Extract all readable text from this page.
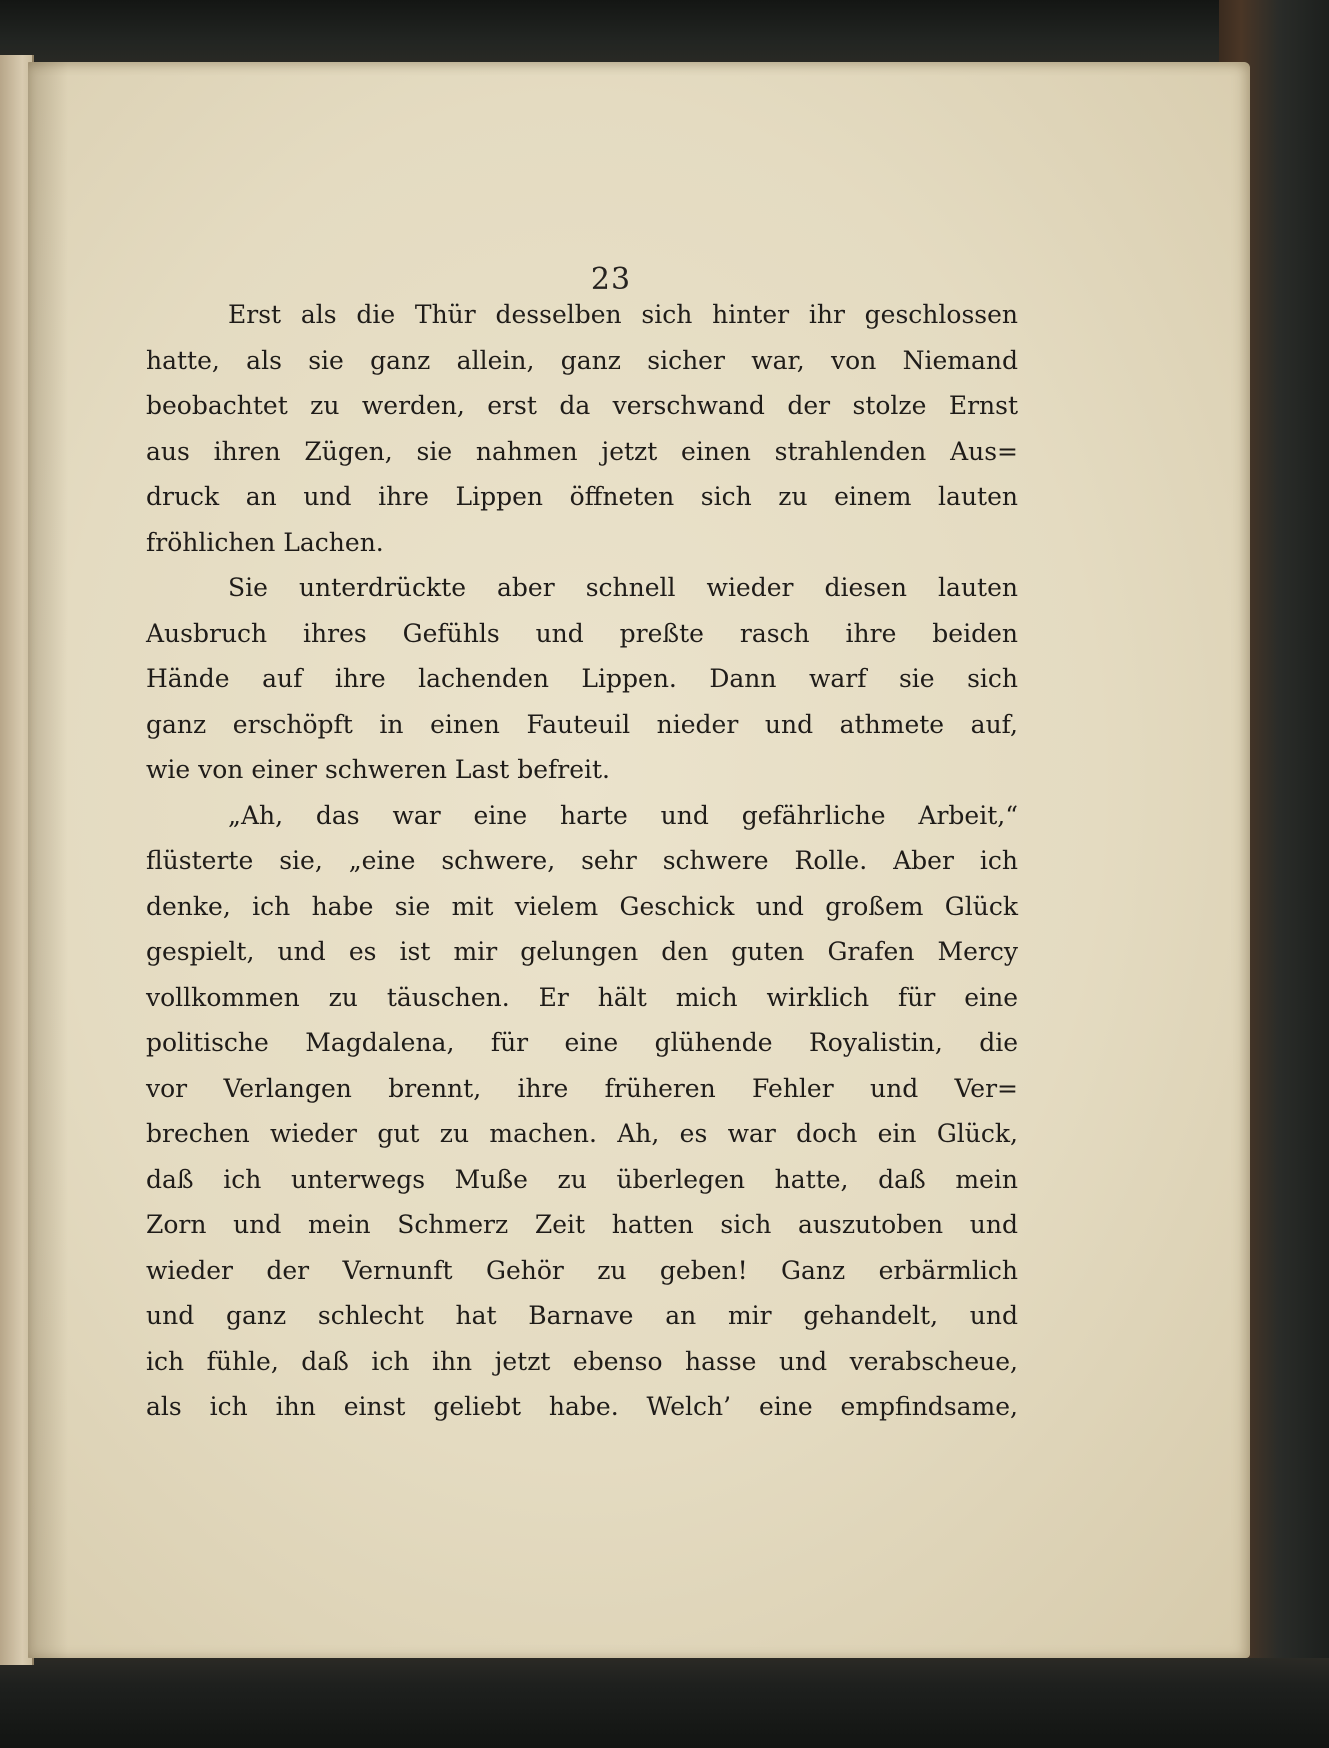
23
Erst als die Thür desselben sich hinter ihr geschlossen
hatte, als sie ganz allein, ganz sicher war, von Niemand
beobachtet zu werden, erst da verschwand der stolze Ernst
aus ihren Zügen, sie nahmen jetzt einen strahlenden Aus=
druck an und ihre Lippen öffneten sich zu einem lauten
fröhlichen Lachen.
Sie unterdrückte aber schnell wieder diesen lauten
Ausbruch ihres Gefühls und preßte rasch ihre beiden
Hände auf ihre lachenden Lippen. Dann warf sie sich
ganz erschöpft in einen Fauteuil nieder und athmete auf,
wie von einer schweren Last befreit.
„Ah, das war eine harte und gefährliche Arbeit,“
flüsterte sie, „eine schwere, sehr schwere Rolle. Aber ich
denke, ich habe sie mit vielem Geschick und großem Glück
gespielt, und es ist mir gelungen den guten Grafen Mercy
vollkommen zu täuschen. Er hält mich wirklich für eine
politische Magdalena, für eine glühende Royalistin, die
vor Verlangen brennt, ihre früheren Fehler und Ver=
brechen wieder gut zu machen. Ah, es war doch ein Glück,
daß ich unterwegs Muße zu überlegen hatte, daß mein
Zorn und mein Schmerz Zeit hatten sich auszutoben und
wieder der Vernunft Gehör zu geben! Ganz erbärmlich
und ganz schlecht hat Barnave an mir gehandelt, und
ich fühle, daß ich ihn jetzt ebenso hasse und verabscheue,
als ich ihn einst geliebt habe. Welch’ eine empfindsame,
